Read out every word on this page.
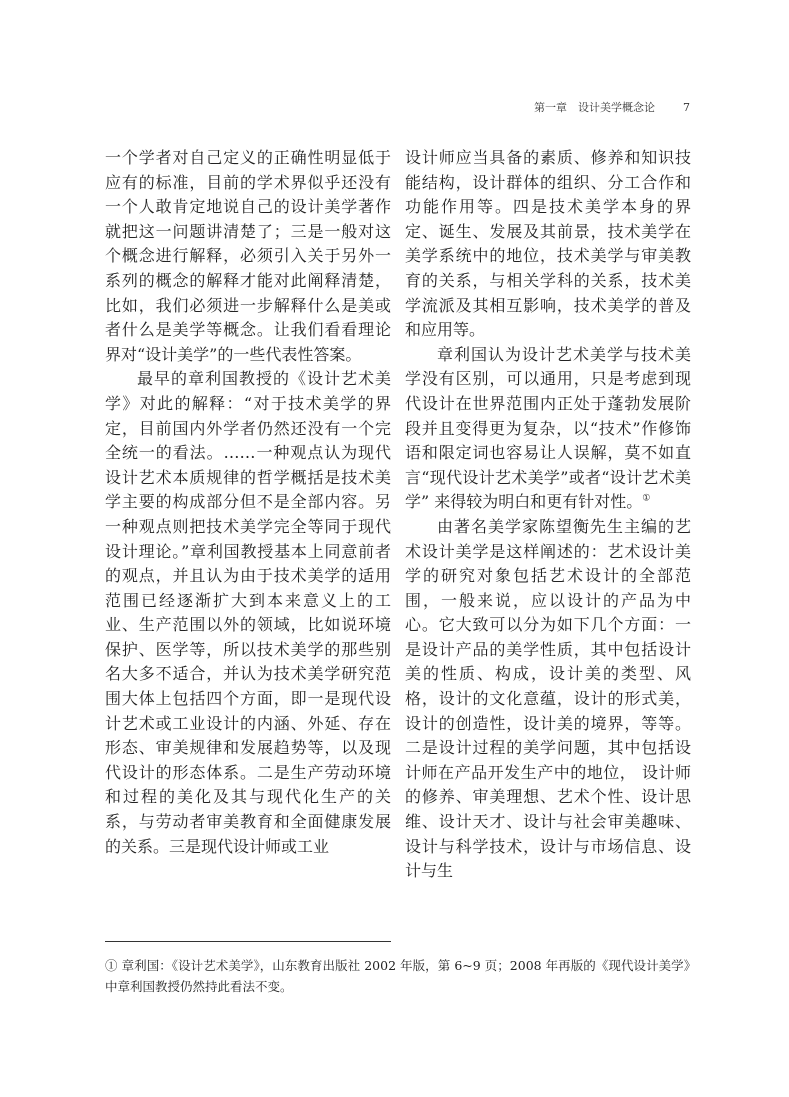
第一章　设计美学概念论	7

一个学者对自己定义的正确性明显低于应有的标准，目前的学术界似乎还没有一个人敢肯定地说自己的设计美学著作就把这一问题讲清楚了；三是一般对这个概念进行解释，必须引入关于另外一系列的概念的解释才能对此阐释清楚，比如，我们必须进一步解释什么是美或者什么是美学等概念。让我们看看理论界对“设计美学”的一些代表性答案。

最早的章利国教授的《设计艺术美学》对此的解释：“对于技术美学的界定，目前国内外学者仍然还没有一个完全统一的看法。……一种观点认为现代设计艺术本质规律的哲学概括是技术美学主要的构成部分但不是全部内容。另一种观点则把技术美学完全等同于现代设计理论。”章利国教授基本上同意前者的观点，并且认为由于技术美学的适用范围已经逐渐扩大到本来意义上的工业、生产范围以外的领域，比如说环境保护、医学等，所以技术美学的那些别名大多不适合，并认为技术美学研究范围大体上包括四个方面，即一是现代设计艺术或工业设计的内涵、外延、存在形态、审美规律和发展趋势等，以及现代设计的形态体系。二是生产劳动环境和过程的美化及其与现代化生产的关系，与劳动者审美教育和全面健康发展的关系。三是现代设计师或工业

设计师应当具备的素质、修养和知识技能结构，设计群体的组织、分工合作和功能作用等。四是技术美学本身的界定、诞生、发展及其前景，技术美学在美学系统中的地位，技术美学与审美教育的关系，与相关学科的关系，技术美学流派及其相互影响，技术美学的普及和应用等。

章利国认为设计艺术美学与技术美学没有区别，可以通用，只是考虑到现代设计在世界范围内正处于蓬勃发展阶段并且变得更为复杂，以“技术”作修饰语和限定词也容易让人误解，莫不如直言“现代设计艺术美学”或者“设计艺术美学” 来得较为明白和更有针对性。①

由著名美学家陈望衡先生主编的艺术设计美学是这样阐述的：艺术设计美学的研究对象包括艺术设计的全部范围，一般来说，应以设计的产品为中心。它大致可以分为如下几个方面：一是设计产品的美学性质，其中包括设计美的性质、构成，设计美的类型、风格，设计的文化意蕴，设计的形式美，设计的创造性，设计美的境界，等等。二是设计过程的美学问题，其中包括设计师在产品开发生产中的地位， 设计师的修养、审美理想、艺术个性、设计思维、设计天才、设计与社会审美趣味、设计与科学技术，设计与市场信息、设计与生

① 章利国：《设计艺术美学》，山东教育出版社 2002 年版，第 6~9 页；2008 年再版的《现代设计美学》中章利国教授仍然持此看法不变。
